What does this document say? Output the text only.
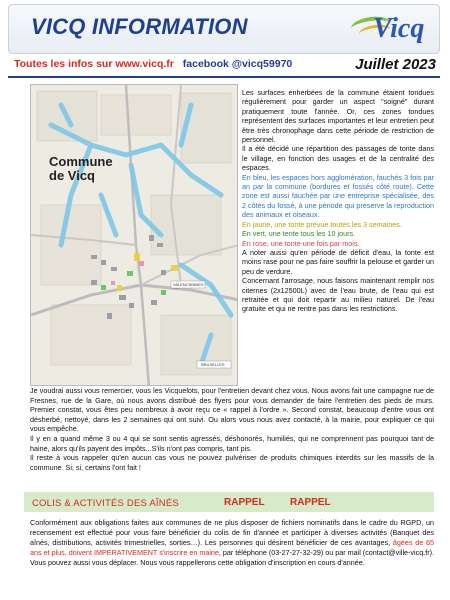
VICQ INFORMATION	Vicq
Toutes les infos sur www.vicq.fr facebook @vicq59970	Juillet 2023
Commune
de Vicq
VALENCIENNES
BRUXELLES

Les surfaces enherbées de la commune étaient tondues régulièrement pour garder un aspect "soigné" durant pratiquement toute l'année. Or, ces zones tondues représentent des surfaces importantes et leur entretien peut être très chronophage dans cette période de restriction de personnel.

Il a été décidé une répartition des passages de tonte dans le village, en fonction des usages et de la centralité des espaces.

En bleu, les espaces hors agglomération, fauchés 3 fois par an par la commune (bordures et fossés côté route). Cette zone est aussi fauchée par une entreprise spécialisée, des 2 côtés du fossé, à une période qui préserve la reproduction des animaux et oiseaux.

En jaune, une tonte prévue toutes les 3 semaines.

En vert, une tente tous les 10 jours.

En rose, une tonte une fois par mois.

A noter aussi qu'en période de déficit d'eau, la tonte est moins rase pour ne pas faire souffrir la pelouse et garder un peu de verdure.

Concernant l'arrosage, nous faisons maintenant remplir nos citernes (2x12500L) avec de l'eau brute, de l'eau qui est retraitée et qui doit repartir au milieu naturel. De l'eau gratuite et qui ne rentre pas dans les restrictions.

Je voudrai aussi vous remercier, vous les Vicquelots, pour l'entretien devant chez vous. Nous avons fait une campagne rue de Fresnes, rue de la Gare, où nous avons distribué des flyers pour vous demander de faire l'entretien des pieds de murs. Premier constat, vous êtes peu nombreux à avoir reçu ce « rappel à l'ordre ». Second constat, beaucoup d'entre vous ont désherbé, nettoyé, dans les 2 semaines qui ont suivi. Ou alors vous nous avez contacté, à la mairie, pour expliquer ce qui vous empêche.

Il y en a quand même 3 ou 4 qui se sont sentis agressés, déshonorés, humiliés, qui ne comprennent pas pourquoi tant de haine, alors qu'ils payent des impôts...S'ils n'ont pas compris, tant pis.

Il reste à vous rappeler qu'en aucun cas vous ne pouvez pulvériser de produits chimiques interdits sur les massifs de la commune. Si, si, certains l'ont fait !

COLIS & ACTIVITÉS DES AÎNÉS	RAPPEL	RAPPEL
Conformément aux obligations faites aux communes de ne plus disposer de fichiers nominatifs dans le cadre du RGPD, un recensement est effectué pour vous faire bénéficier du colis de fin d'année et participer à diverses activités (Banquet des aînés, distributions, activités trimestrielles, sorties…). Les personnes qui désirent bénéficier de ces avantages, âgées de 65 ans et plus, doivent IMPERATIVEMENT s'inscrire en mairie, par téléphone (03-27-27-32-29) ou par mail (contact@ville-vicq.fr). Vous pouvez aussi vous déplacer. Nous vous rappellerons cette obligation d'inscription en cours d'année.
